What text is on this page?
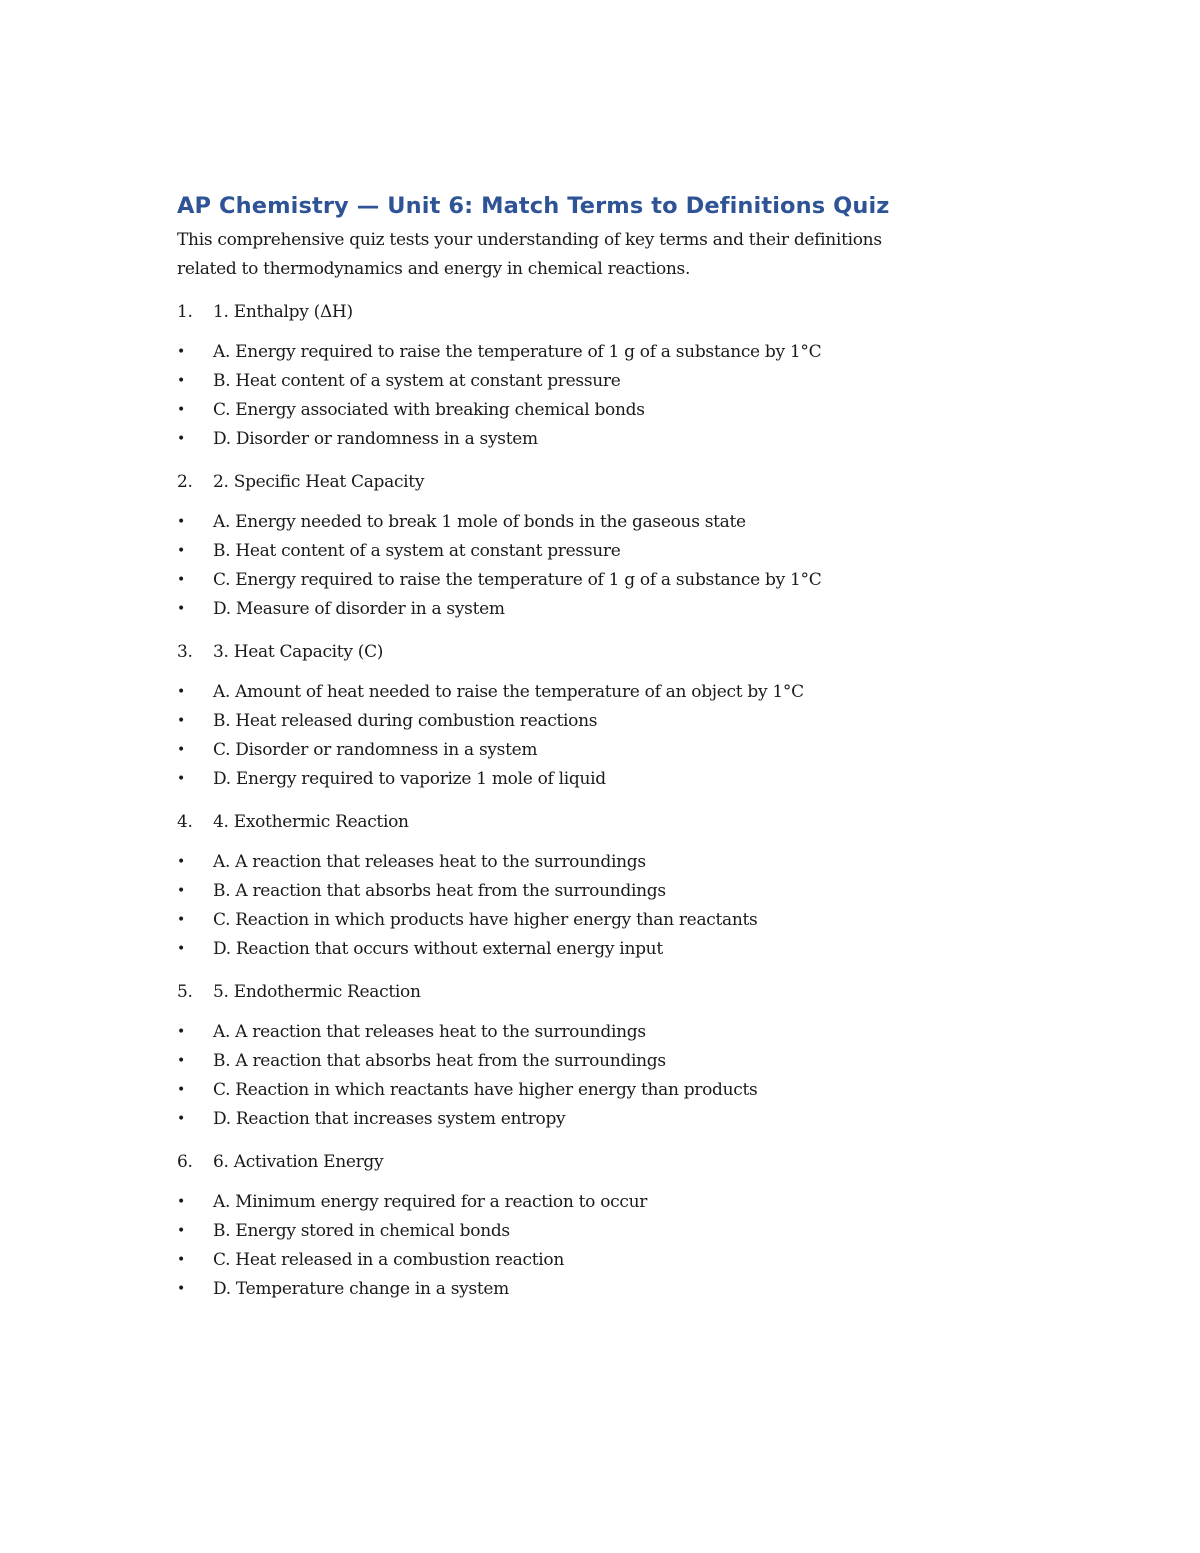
AP Chemistry — Unit 6: Match Terms to Definitions Quiz

This comprehensive quiz tests your understanding of key terms and their definitions
related to thermodynamics and energy in chemical reactions.

1.	1. Enthalpy (ΔH)
•	A. Energy required to raise the temperature of 1 g of a substance by 1°C
•	B. Heat content of a system at constant pressure
•	C. Energy associated with breaking chemical bonds
•	D. Disorder or randomness in a system
2.	2. Specific Heat Capacity
•	A. Energy needed to break 1 mole of bonds in the gaseous state
•	B. Heat content of a system at constant pressure
•	C. Energy required to raise the temperature of 1 g of a substance by 1°C
•	D. Measure of disorder in a system
3.	3. Heat Capacity (C)
•	A. Amount of heat needed to raise the temperature of an object by 1°C
•	B. Heat released during combustion reactions
•	C. Disorder or randomness in a system
•	D. Energy required to vaporize 1 mole of liquid
4.	4. Exothermic Reaction
•	A. A reaction that releases heat to the surroundings
•	B. A reaction that absorbs heat from the surroundings
•	C. Reaction in which products have higher energy than reactants
•	D. Reaction that occurs without external energy input
5.	5. Endothermic Reaction
•	A. A reaction that releases heat to the surroundings
•	B. A reaction that absorbs heat from the surroundings
•	C. Reaction in which reactants have higher energy than products
•	D. Reaction that increases system entropy
6.	6. Activation Energy
•	A. Minimum energy required for a reaction to occur
•	B. Energy stored in chemical bonds
•	C. Heat released in a combustion reaction
•	D. Temperature change in a system
